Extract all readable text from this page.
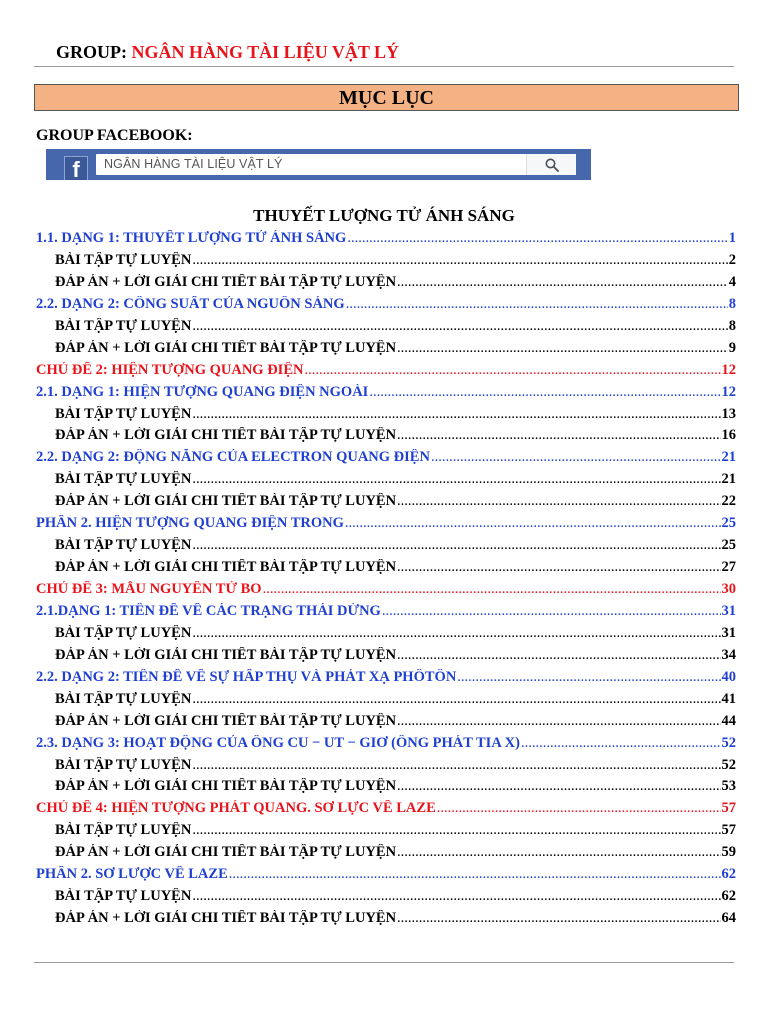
GROUP: NGÂN HÀNG TÀI LIỆU VẬT LÝ
MỤC LỤC
GROUP FACEBOOK:
f	NGÂN HÀNG TÀI LIỆU VẬT LÝ
THUYẾT LƯỢNG TỬ ÁNH SÁNG
1.1. DẠNG 1: THUYẾT LƯỢNG TỬ ÁNH SÁNG .....	1
BÀI TẬP TỰ LUYỆN .....	2
ĐÁP ÁN + LỜI GIẢI CHI TIẾT BÀI TẬP TỰ LUYỆN .....	4
2.2. DẠNG 2: CÔNG SUẤT CỦA NGUỒN SÁNG .....	8
BÀI TẬP TỰ LUYỆN .....	8
ĐÁP ÁN + LỜI GIẢI CHI TIẾT BÀI TẬP TỰ LUYỆN .....	9
CHỦ ĐỀ 2: HIỆN TƯỢNG QUANG ĐIỆN .....	12
2.1. DẠNG 1: HIỆN TƯỢNG QUANG ĐIỆN NGOÀI .....	12
BÀI TẬP TỰ LUYỆN .....	13
ĐÁP ÁN + LỜI GIẢI CHI TIẾT BÀI TẬP TỰ LUYỆN .....	16
2.2. DẠNG 2: ĐỘNG NĂNG CỦA ELECTRON QUANG ĐIỆN .....	21
BÀI TẬP TỰ LUYỆN .....	21
ĐÁP ÁN + LỜI GIẢI CHI TIẾT BÀI TẬP TỰ LUYỆN .....	22
PHẦN 2. HIỆN TƯỢNG QUANG ĐIỆN TRONG .....	25
BÀI TẬP TỰ LUYỆN .....	25
ĐÁP ÁN + LỜI GIẢI CHI TIẾT BÀI TẬP TỰ LUYỆN .....	27
CHỦ ĐỀ 3: MẪU NGUYÊN TỬ BO .....	30
2.1.DẠNG 1: TIÊN ĐỀ VỀ CÁC TRẠNG THÁI DỪNG .....	31
BÀI TẬP TỰ LUYỆN .....	31
ĐÁP ÁN + LỜI GIẢI CHI TIẾT BÀI TẬP TỰ LUYỆN .....	34
2.2. DẠNG 2: TIÊN ĐỀ VỀ SỰ HẤP THỤ VÀ PHÁT XẠ PHÔTÔN .....	40
BÀI TẬP TỰ LUYỆN .....	41
ĐÁP ÁN + LỜI GIẢI CHI TIẾT BÀI TẬP TỰ LUYỆN .....	44
2.3. DẠNG 3: HOẠT ĐỘNG CỦA ỐNG CU − UT − GIƠ (ỐNG PHÁT TIA X) .....	52
BÀI TẬP TỰ LUYỆN .....	52
ĐÁP ÁN + LỜI GIẢI CHI TIẾT BÀI TẬP TỰ LUYỆN .....	53
CHỦ ĐỀ 4: HIỆN TƯỢNG PHÁT QUANG. SƠ LỰC VỀ LAZE .....	57
BÀI TẬP TỰ LUYỆN .....	57
ĐÁP ÁN + LỜI GIẢI CHI TIẾT BÀI TẬP TỰ LUYỆN .....	59
PHẦN 2. SƠ LƯỢC VỀ LAZE .....	62
BÀI TẬP TỰ LUYỆN .....	62
ĐÁP ÁN + LỜI GIẢI CHI TIẾT BÀI TẬP TỰ LUYỆN .....	64
